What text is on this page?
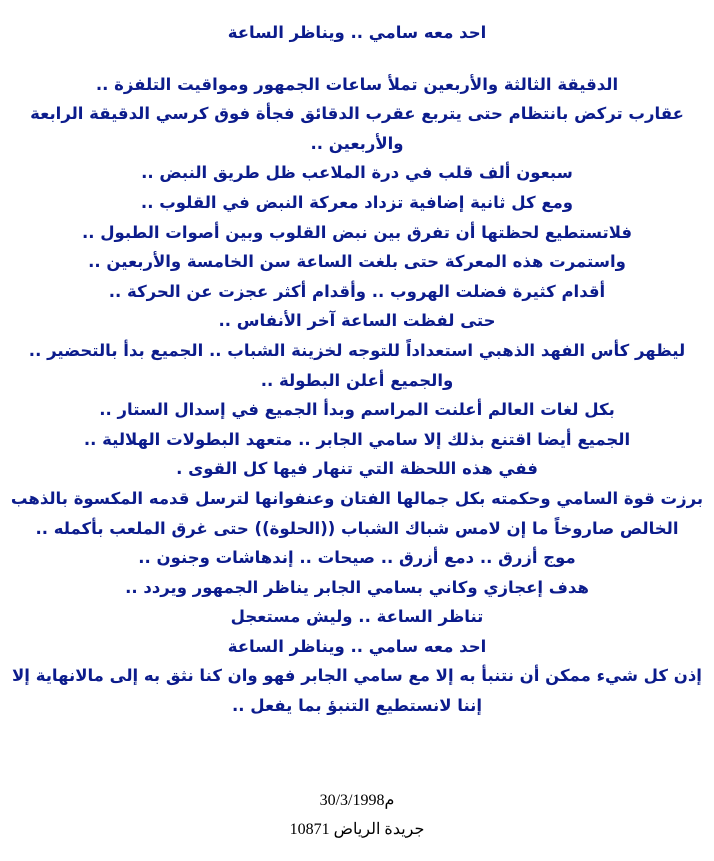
احد معه سامي .. ويناظر الساعة
الدقيقة الثالثة والأربعين تملأ ساعات الجمهور ومواقيت التلفزة ..
عقارب تركض بانتظام حتى يتربع عقرب الدقائق فجأة فوق كرسي الدقيقة الرابعة
والأربعين ..
سبعون ألف قلب في درة الملاعب ظل طريق النبض ..
ومع كل ثانية إضافية تزداد معركة النبض في القلوب ..
فلاتستطيع لحظتها أن تفرق بين نبض القلوب وبين أصوات الطبول ..
واستمرت هذه المعركة حتى بلغت الساعة سن الخامسة والأربعين ..
أقدام كثيرة فضلت الهروب .. وأقدام أكثر عجزت عن الحركة ..
حتى لفظت الساعة آخر الأنفاس ..
ليظهر كأس الفهد الذهبي استعداداً للتوجه لخزينة الشباب .. الجميع بدأ بالتحضير ..
والجميع أعلن البطولة ..
بكل لغات العالم أعلنت المراسم وبدأ الجميع في إسدال الستار ..
الجميع أيضا اقتنع بذلك إلا سامي الجابر .. متعهد البطولات الهلالية ..
ففي هذه اللحظة التي تنهار فيها كل القوى .
برزت قوة السامي وحكمته بكل جمالها الفتان وعنفوانها لترسل قدمه المكسوة بالذهب
الخالص صاروخاً ما إن لامس شباك الشباب ((الحلوة)) حتى غرق الملعب بأكمله ..
موج أزرق .. دمع أزرق .. صيحات .. إندهاشات وجنون ..
هدف إعجازي وكاني بسامي الجابر يناظر الجمهور ويردد ..
تناظر الساعة .. وليش مستعجل
احد معه سامي .. ويناظر الساعة
إذن كل شيء ممكن أن نتنبأ به إلا مع سامي الجابر فهو وان كنا نثق به إلى مالانهاية إلا
إننا لانستطيع التنبؤ بما يفعل ..
30/3/1998م
جريدة الرياض 10871
